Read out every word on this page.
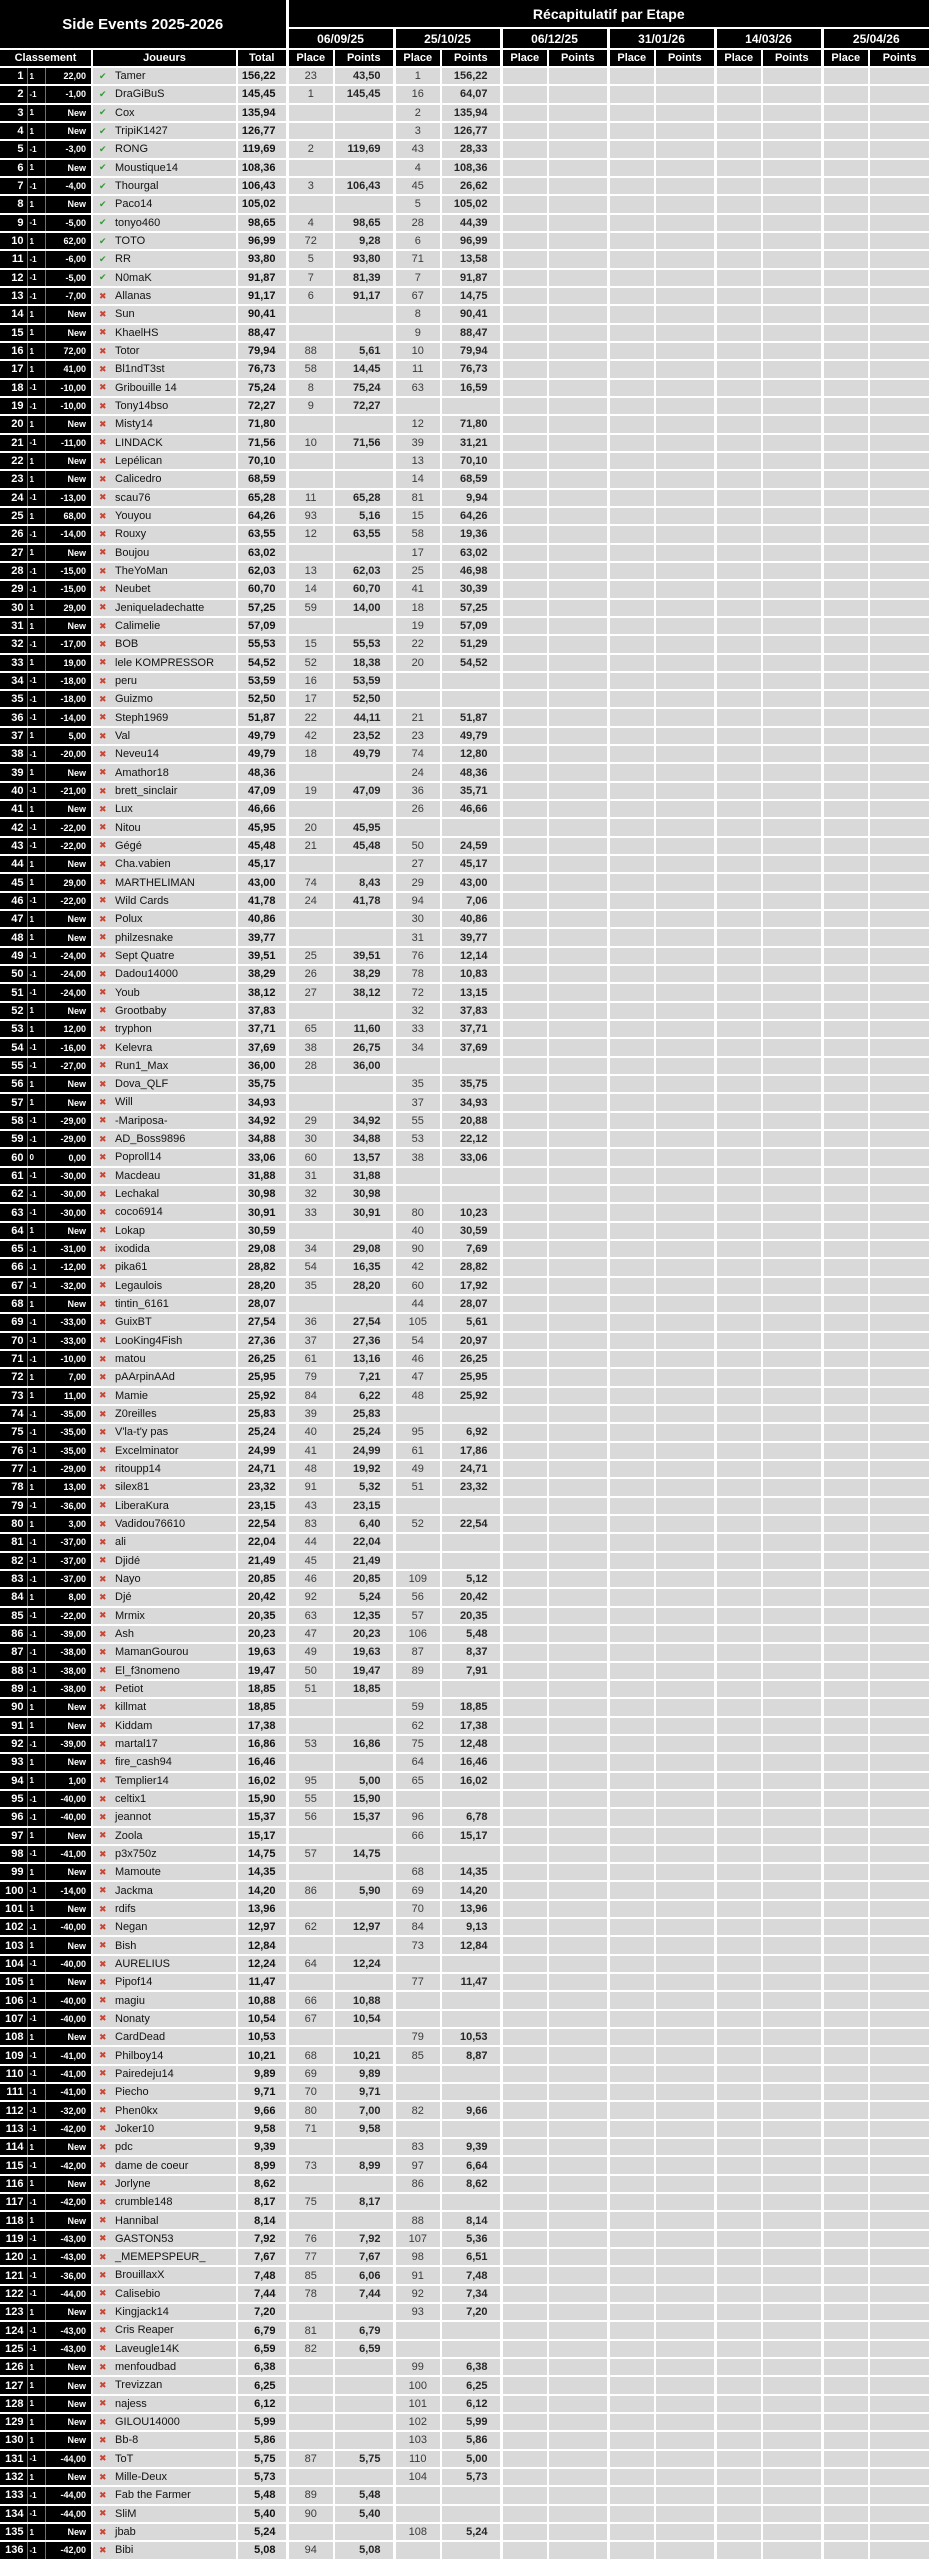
Side Events 2025-2026					Récapitulatif par Etape											
					06/09/25		25/10/25		06/12/25		31/01/26		14/03/26		25/04/26	
Classement			Joueurs	Total	Place	Points	Place	Points	Place	Points	Place	Points	Place	Points	Place	Points
1	1	22,00	✔ Tamer	156,22	23	43,50	1	156,22								
2	-1	-1,00	✔ DraGiBuS	145,45	1	145,45	16	64,07								
3	1	New	✔ Cox	135,94			2	135,94								
4	1	New	✔ TripiK1427	126,77			3	126,77								
5	-1	-3,00	✔ RONG	119,69	2	119,69	43	28,33								
6	1	New	✔ Moustique14	108,36			4	108,36								
7	-1	-4,00	✔ Thourgal	106,43	3	106,43	45	26,62								
8	1	New	✔ Paco14	105,02			5	105,02								
9	-1	-5,00	✔ tonyo460	98,65	4	98,65	28	44,39								
10	1	62,00	✔ TOTO	96,99	72	9,28	6	96,99								
11	-1	-6,00	✔ RR	93,80	5	93,80	71	13,58								
12	-1	-5,00	✔ N0maK	91,87	7	81,39	7	91,87								
13	-1	-7,00	✖ Allanas	91,17	6	91,17	67	14,75								
14	1	New	✖ Sun	90,41			8	90,41								
15	1	New	✖ KhaelHS	88,47			9	88,47								
16	1	72,00	✖ Totor	79,94	88	5,61	10	79,94								
17	1	41,00	✖ Bl1ndT3st	76,73	58	14,45	11	76,73								
18	-1	-10,00	✖ Gribouille 14	75,24	8	75,24	63	16,59								
19	-1	-10,00	✖ Tony14bso	72,27	9	72,27										
20	1	New	✖ Misty14	71,80			12	71,80								
21	-1	-11,00	✖ LINDACK	71,56	10	71,56	39	31,21								
22	1	New	✖ Lepélican	70,10			13	70,10								
23	1	New	✖ Calicedro	68,59			14	68,59								
24	-1	-13,00	✖ scau76	65,28	11	65,28	81	9,94								
25	1	68,00	✖ Youyou	64,26	93	5,16	15	64,26								
26	-1	-14,00	✖ Rouxy	63,55	12	63,55	58	19,36								
27	1	New	✖ Boujou	63,02			17	63,02								
28	-1	-15,00	✖ TheYoMan	62,03	13	62,03	25	46,98								
29	-1	-15,00	✖ Neubet	60,70	14	60,70	41	30,39								
30	1	29,00	✖ Jeniqueladechatte	57,25	59	14,00	18	57,25								
31	1	New	✖ Calimelie	57,09			19	57,09								
32	-1	-17,00	✖ BOB	55,53	15	55,53	22	51,29								
33	1	19,00	✖ lele KOMPRESSOR	54,52	52	18,38	20	54,52								
34	-1	-18,00	✖ peru	53,59	16	53,59										
35	-1	-18,00	✖ Guizmo	52,50	17	52,50										
36	-1	-14,00	✖ Steph1969	51,87	22	44,11	21	51,87								
37	1	5,00	✖ Val	49,79	42	23,52	23	49,79								
38	-1	-20,00	✖ Neveu14	49,79	18	49,79	74	12,80								
39	1	New	✖ Amathor18	48,36			24	48,36								
40	-1	-21,00	✖ brett_sinclair	47,09	19	47,09	36	35,71								
41	1	New	✖ Lux	46,66			26	46,66								
42	-1	-22,00	✖ Nitou	45,95	20	45,95										
43	-1	-22,00	✖ Gégé	45,48	21	45,48	50	24,59								
44	1	New	✖ Cha.vabien	45,17			27	45,17								
45	1	29,00	✖ MARTHELIMAN	43,00	74	8,43	29	43,00								
46	-1	-22,00	✖ Wild Cards	41,78	24	41,78	94	7,06								
47	1	New	✖ Polux	40,86			30	40,86								
48	1	New	✖ philzesnake	39,77			31	39,77								
49	-1	-24,00	✖ Sept Quatre	39,51	25	39,51	76	12,14								
50	-1	-24,00	✖ Dadou14000	38,29	26	38,29	78	10,83								
51	-1	-24,00	✖ Youb	38,12	27	38,12	72	13,15								
52	1	New	✖ Grootbaby	37,83			32	37,83								
53	1	12,00	✖ tryphon	37,71	65	11,60	33	37,71								
54	-1	-16,00	✖ Kelevra	37,69	38	26,75	34	37,69								
55	-1	-27,00	✖ Run1_Max	36,00	28	36,00										
56	1	New	✖ Dova_QLF	35,75			35	35,75								
57	1	New	✖ Will	34,93			37	34,93								
58	-1	-29,00	✖ -Mariposa-	34,92	29	34,92	55	20,88								
59	-1	-29,00	✖ AD_Boss9896	34,88	30	34,88	53	22,12								
60	0	0,00	✖ Poproll14	33,06	60	13,57	38	33,06								
61	-1	-30,00	✖ Macdeau	31,88	31	31,88										
62	-1	-30,00	✖ Lechakal	30,98	32	30,98										
63	-1	-30,00	✖ coco6914	30,91	33	30,91	80	10,23								
64	1	New	✖ Lokap	30,59			40	30,59								
65	-1	-31,00	✖ ixodida	29,08	34	29,08	90	7,69								
66	-1	-12,00	✖ pika61	28,82	54	16,35	42	28,82								
67	-1	-32,00	✖ Legaulois	28,20	35	28,20	60	17,92								
68	1	New	✖ tintin_6161	28,07			44	28,07								
69	-1	-33,00	✖ GuixBT	27,54	36	27,54	105	5,61								
70	-1	-33,00	✖ LooKing4Fish	27,36	37	27,36	54	20,97								
71	-1	-10,00	✖ matou	26,25	61	13,16	46	26,25								
72	1	7,00	✖ pAArpinAAd	25,95	79	7,21	47	25,95								
73	1	11,00	✖ Mamie	25,92	84	6,22	48	25,92								
74	-1	-35,00	✖ Z0reilles	25,83	39	25,83										
75	-1	-35,00	✖ V'la-t'y pas	25,24	40	25,24	95	6,92								
76	-1	-35,00	✖ Excelminator	24,99	41	24,99	61	17,86								
77	-1	-29,00	✖ ritoupp14	24,71	48	19,92	49	24,71								
78	1	13,00	✖ silex81	23,32	91	5,32	51	23,32								
79	-1	-36,00	✖ LiberaKura	23,15	43	23,15										
80	1	3,00	✖ Vadidou76610	22,54	83	6,40	52	22,54								
81	-1	-37,00	✖ ali	22,04	44	22,04										
82	-1	-37,00	✖ Djidé	21,49	45	21,49										
83	-1	-37,00	✖ Nayo	20,85	46	20,85	109	5,12								
84	1	8,00	✖ Djé	20,42	92	5,24	56	20,42								
85	-1	-22,00	✖ Mrmix	20,35	63	12,35	57	20,35								
86	-1	-39,00	✖ Ash	20,23	47	20,23	106	5,48								
87	-1	-38,00	✖ MamanGourou	19,63	49	19,63	87	8,37								
88	-1	-38,00	✖ El_f3nomeno	19,47	50	19,47	89	7,91								
89	-1	-38,00	✖ Petiot	18,85	51	18,85										
90	1	New	✖ killmat	18,85			59	18,85								
91	1	New	✖ Kiddam	17,38			62	17,38								
92	-1	-39,00	✖ martal17	16,86	53	16,86	75	12,48								
93	1	New	✖ fire_cash94	16,46			64	16,46								
94	1	1,00	✖ Templier14	16,02	95	5,00	65	16,02								
95	-1	-40,00	✖ celtix1	15,90	55	15,90										
96	-1	-40,00	✖ jeannot	15,37	56	15,37	96	6,78								
97	1	New	✖ Zoola	15,17			66	15,17								
98	-1	-41,00	✖ p3x750z	14,75	57	14,75										
99	1	New	✖ Mamoute	14,35			68	14,35								
100	-1	-14,00	✖ Jackma	14,20	86	5,90	69	14,20								
101	1	New	✖ rdifs	13,96			70	13,96								
102	-1	-40,00	✖ Negan	12,97	62	12,97	84	9,13								
103	1	New	✖ Bish	12,84			73	12,84								
104	-1	-40,00	✖ AURELIUS	12,24	64	12,24										
105	1	New	✖ Pipof14	11,47			77	11,47								
106	-1	-40,00	✖ magiu	10,88	66	10,88										
107	-1	-40,00	✖ Nonaty	10,54	67	10,54										
108	1	New	✖ CardDead	10,53			79	10,53								
109	-1	-41,00	✖ Philboy14	10,21	68	10,21	85	8,87								
110	-1	-41,00	✖ Pairedeju14	9,89	69	9,89										
111	-1	-41,00	✖ Piecho	9,71	70	9,71										
112	-1	-32,00	✖ Phen0kx	9,66	80	7,00	82	9,66								
113	-1	-42,00	✖ Joker10	9,58	71	9,58										
114	1	New	✖ pdc	9,39			83	9,39								
115	-1	-42,00	✖ dame de coeur	8,99	73	8,99	97	6,64								
116	1	New	✖ Jorlyne	8,62			86	8,62								
117	-1	-42,00	✖ crumble148	8,17	75	8,17										
118	1	New	✖ Hannibal	8,14			88	8,14								
119	-1	-43,00	✖ GASTON53	7,92	76	7,92	107	5,36								
120	-1	-43,00	✖ _MEMEPSPEUR_	7,67	77	7,67	98	6,51								
121	-1	-36,00	✖ BrouillaxX	7,48	85	6,06	91	7,48								
122	-1	-44,00	✖ Calisebio	7,44	78	7,44	92	7,34								
123	1	New	✖ Kingjack14	7,20			93	7,20								
124	-1	-43,00	✖ Cris Reaper	6,79	81	6,79										
125	-1	-43,00	✖ Laveugle14K	6,59	82	6,59										
126	1	New	✖ menfoudbad	6,38			99	6,38								
127	1	New	✖ Trevizzan	6,25			100	6,25								
128	1	New	✖ najess	6,12			101	6,12								
129	1	New	✖ GILOU14000	5,99			102	5,99								
130	1	New	✖ Bb-8	5,86			103	5,86								
131	-1	-44,00	✖ ToT	5,75	87	5,75	110	5,00								
132	1	New	✖ Mille-Deux	5,73			104	5,73								
133	-1	-44,00	✖ Fab the Farmer	5,48	89	5,48										
134	-1	-44,00	✖ SliM	5,40	90	5,40										
135	1	New	✖ jbab	5,24			108	5,24								
136	-1	-42,00	✖ Bibi	5,08	94	5,08										
